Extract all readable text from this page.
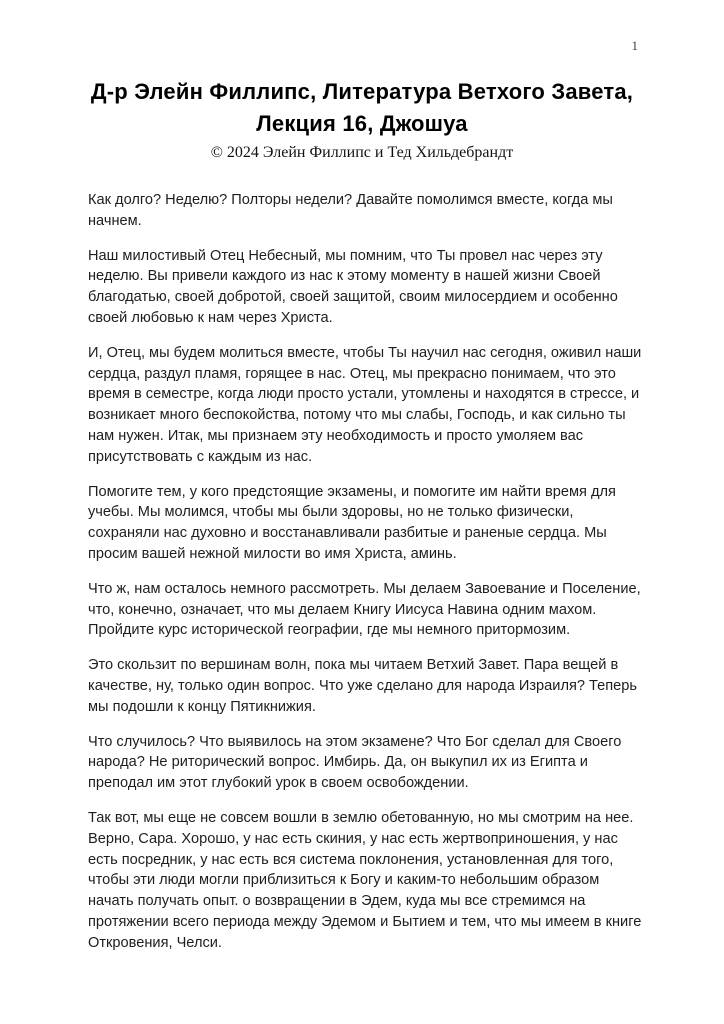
1
Д-р Элейн Филлипс, Литература Ветхого Завета,
Лекция 16, Джошуа
© 2024 Элейн Филлипс и Тед Хильдебрандт

Как долго? Неделю? Полторы недели? Давайте помолимся вместе, когда мы начнем.

Наш милостивый Отец Небесный, мы помним, что Ты провел нас через эту неделю. Вы привели каждого из нас к этому моменту в нашей жизни Своей благодатью, своей добротой, своей защитой, своим милосердием и особенно своей любовью к нам через Христа.

И, Отец, мы будем молиться вместе, чтобы Ты научил нас сегодня, оживил наши сердца, раздул пламя, горящее в нас. Отец, мы прекрасно понимаем, что это время в семестре, когда люди просто устали, утомлены и находятся в стрессе, и возникает много беспокойства, потому что мы слабы, Господь, и как сильно ты нам нужен. Итак, мы признаем эту необходимость и просто умоляем вас присутствовать с каждым из нас.

Помогите тем, у кого предстоящие экзамены, и помогите им найти время для учебы. Мы молимся, чтобы мы были здоровы, но не только физически, сохраняли нас духовно и восстанавливали разбитые и раненые сердца. Мы просим вашей нежной милости во имя Христа, аминь.

Что ж, нам осталось немного рассмотреть. Мы делаем Завоевание и Поселение, что, конечно, означает, что мы делаем Книгу Иисуса Навина одним махом. Пройдите курс исторической географии, где мы немного притормозим.

Это скользит по вершинам волн, пока мы читаем Ветхий Завет. Пара вещей в качестве, ну, только один вопрос. Что уже сделано для народа Израиля? Теперь мы подошли к концу Пятикнижия.

Что случилось? Что выявилось на этом экзамене? Что Бог сделал для Своего народа? Не риторический вопрос. Имбирь. Да, он выкупил их из Египта и преподал им этот глубокий урок в своем освобождении.

Так вот, мы еще не совсем вошли в землю обетованную, но мы смотрим на нее. Верно, Сара. Хорошо, у нас есть скиния, у нас есть жертвоприношения, у нас есть посредник, у нас есть вся система поклонения, установленная для того, чтобы эти люди могли приблизиться к Богу и каким-то небольшим образом начать получать опыт. о возвращении в Эдем, куда мы все стремимся на протяжении всего периода между Эдемом и Бытием и тем, что мы имеем в книге Откровения, Челси.
